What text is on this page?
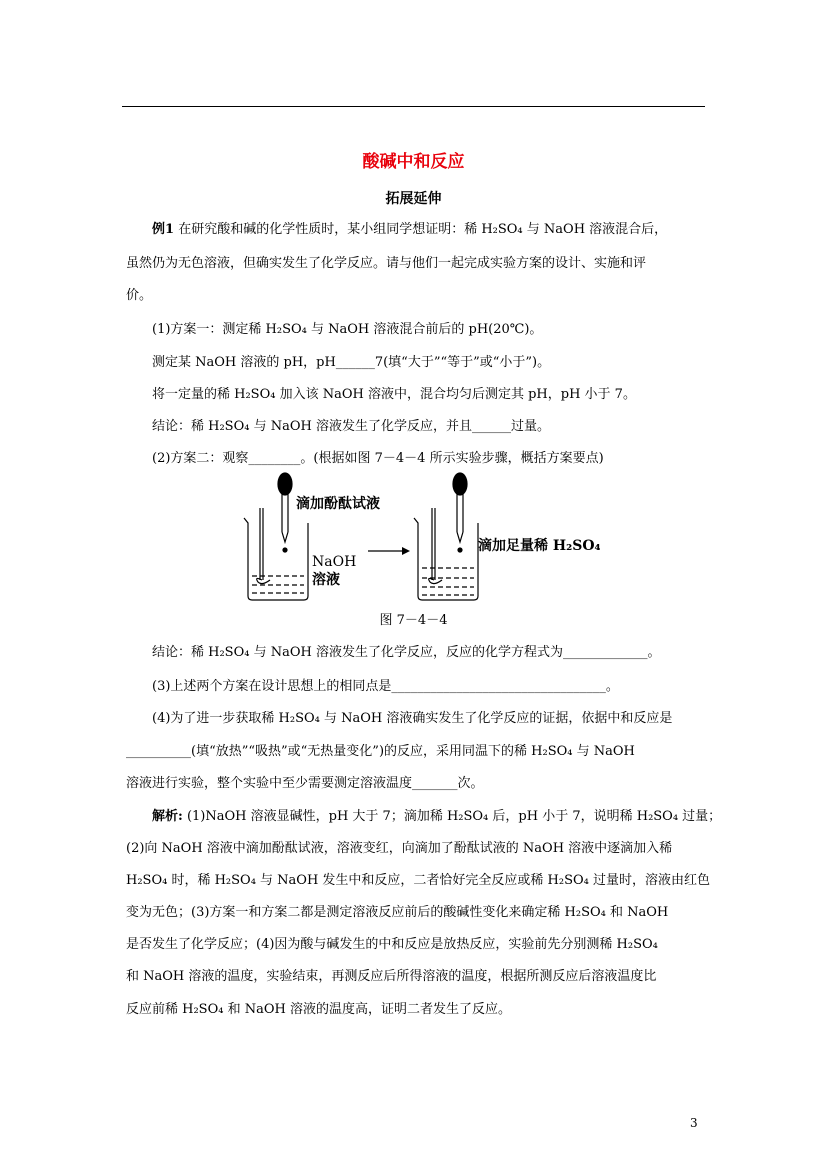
酸碱中和反应
拓展延伸
例1 在研究酸和碱的化学性质时，某小组同学想证明：稀 H₂SO₄ 与 NaOH 溶液混合后，
虽然仍为无色溶液，但确实发生了化学反应。请与他们一起完成实验方案的设计、实施和评
价。
(1)方案一：测定稀 H₂SO₄ 与 NaOH 溶液混合前后的 pH(20℃)。
测定某 NaOH 溶液的 pH，pH______7(填“大于”“等于”或“小于”)。
将一定量的稀 H₂SO₄ 加入该 NaOH 溶液中，混合均匀后测定其 pH，pH 小于 7。
结论：稀 H₂SO₄ 与 NaOH 溶液发生了化学反应，并且______过量。
(2)方案二：观察________。(根据如图 7－4－4 所示实验步骤，概括方案要点)
滴加酚酞试液
NaOH
溶液
滴加足量稀 H₂SO₄
图 7－4－4
结论：稀 H₂SO₄ 与 NaOH 溶液发生了化学反应，反应的化学方程式为_____________。
(3)上述两个方案在设计思想上的相同点是_________________________________。
(4)为了进一步获取稀 H₂SO₄ 与 NaOH 溶液确实发生了化学反应的证据，依据中和反应是
__________(填“放热”“吸热”或“无热量变化”)的反应，采用同温下的稀 H₂SO₄ 与 NaOH
溶液进行实验，整个实验中至少需要测定溶液温度_______次。
解析: (1)NaOH 溶液显碱性，pH 大于 7；滴加稀 H₂SO₄ 后，pH 小于 7，说明稀 H₂SO₄ 过量；
(2)向 NaOH 溶液中滴加酚酞试液，溶液变红，向滴加了酚酞试液的 NaOH 溶液中逐滴加入稀
H₂SO₄ 时，稀 H₂SO₄ 与 NaOH 发生中和反应，二者恰好完全反应或稀 H₂SO₄ 过量时，溶液由红色
变为无色；(3)方案一和方案二都是测定溶液反应前后的酸碱性变化来确定稀 H₂SO₄ 和 NaOH
是否发生了化学反应；(4)因为酸与碱发生的中和反应是放热反应，实验前先分别测稀 H₂SO₄
和 NaOH 溶液的温度，实验结束，再测反应后所得溶液的温度，根据所测反应后溶液温度比
反应前稀 H₂SO₄ 和 NaOH 溶液的温度高，证明二者发生了反应。
3
